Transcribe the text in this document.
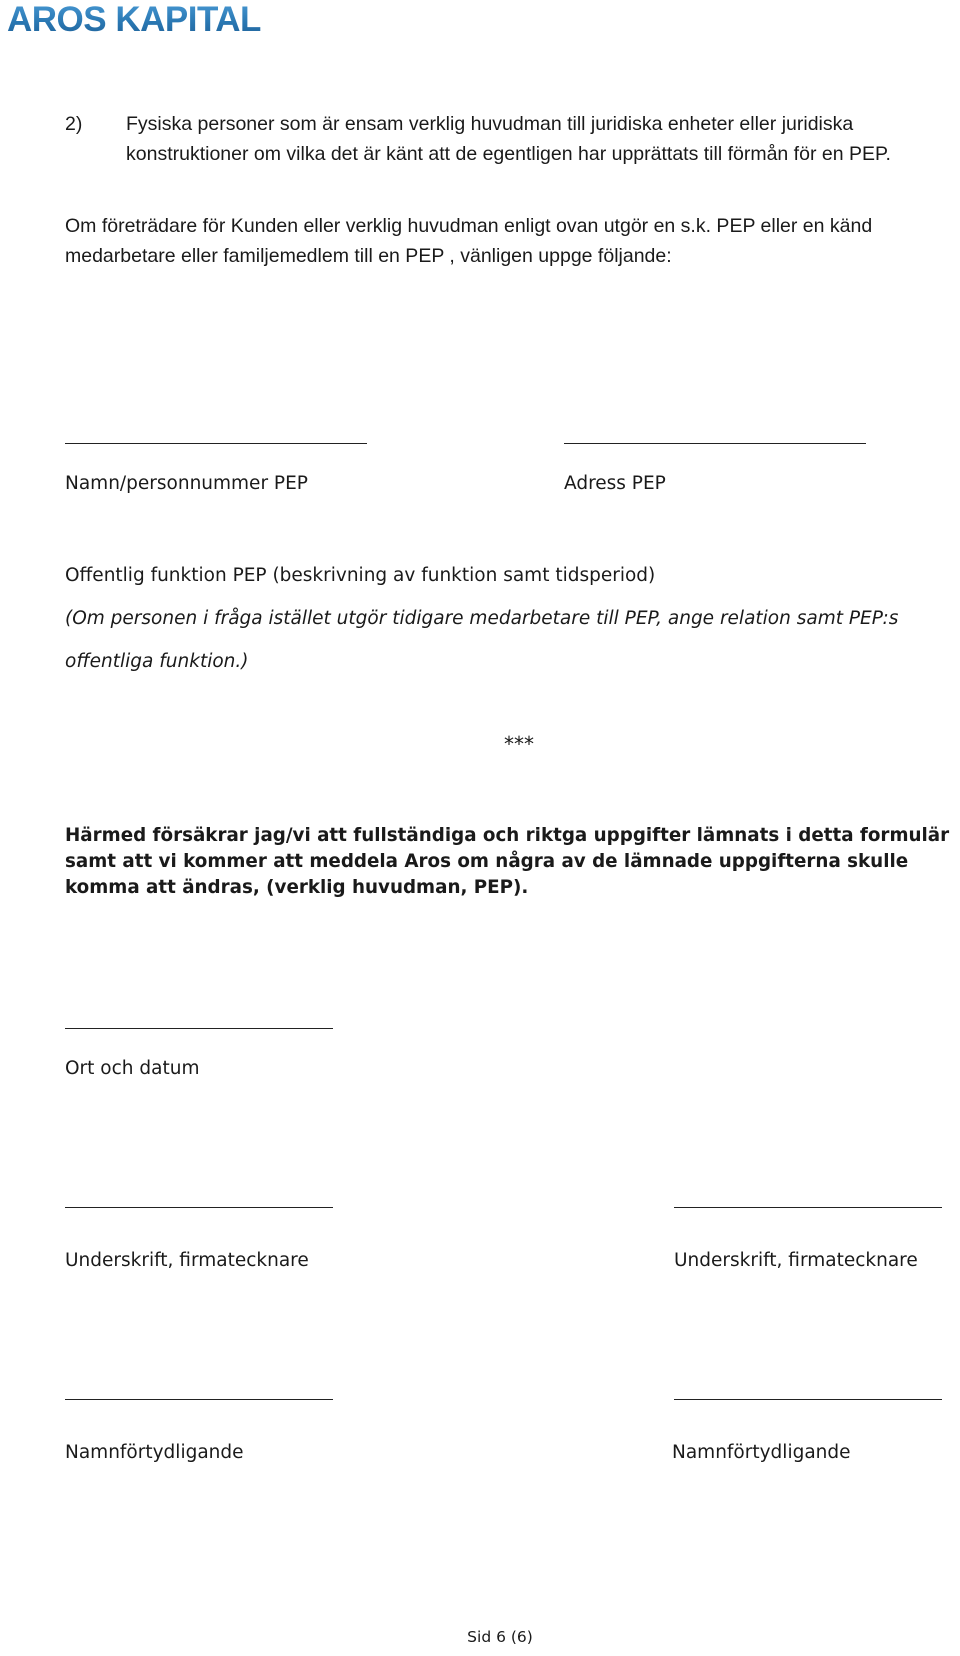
AROS KAPITAL
2) Fysiska personer som är ensam verklig huvudman till juridiska enheter eller juridiska konstruktioner om vilka det är känt att de egentligen har upprättats till förmån för en PEP.
Om företrädare för Kunden eller verklig huvudman enligt ovan utgör en s.k. PEP eller en känd medarbetare eller familjemedlem till en PEP , vänligen uppge följande:
Namn/personnummer PEP	Adress PEP
Offentlig funktion PEP (beskrivning av funktion samt tidsperiod)
(Om personen i fråga istället utgör tidigare medarbetare till PEP, ange relation samt PEP:s offentliga funktion.)
***
Härmed försäkrar jag/vi att fullständiga och riktga uppgifter lämnats i detta formulär samt att vi kommer att meddela Aros om några av de lämnade uppgifterna skulle komma att ändras, (verklig huvudman, PEP).
Ort och datum
Underskrift, firmatecknare	Underskrift, firmatecknare
Namnförtydligande	Namnförtydligande
Sid 6 (6)
